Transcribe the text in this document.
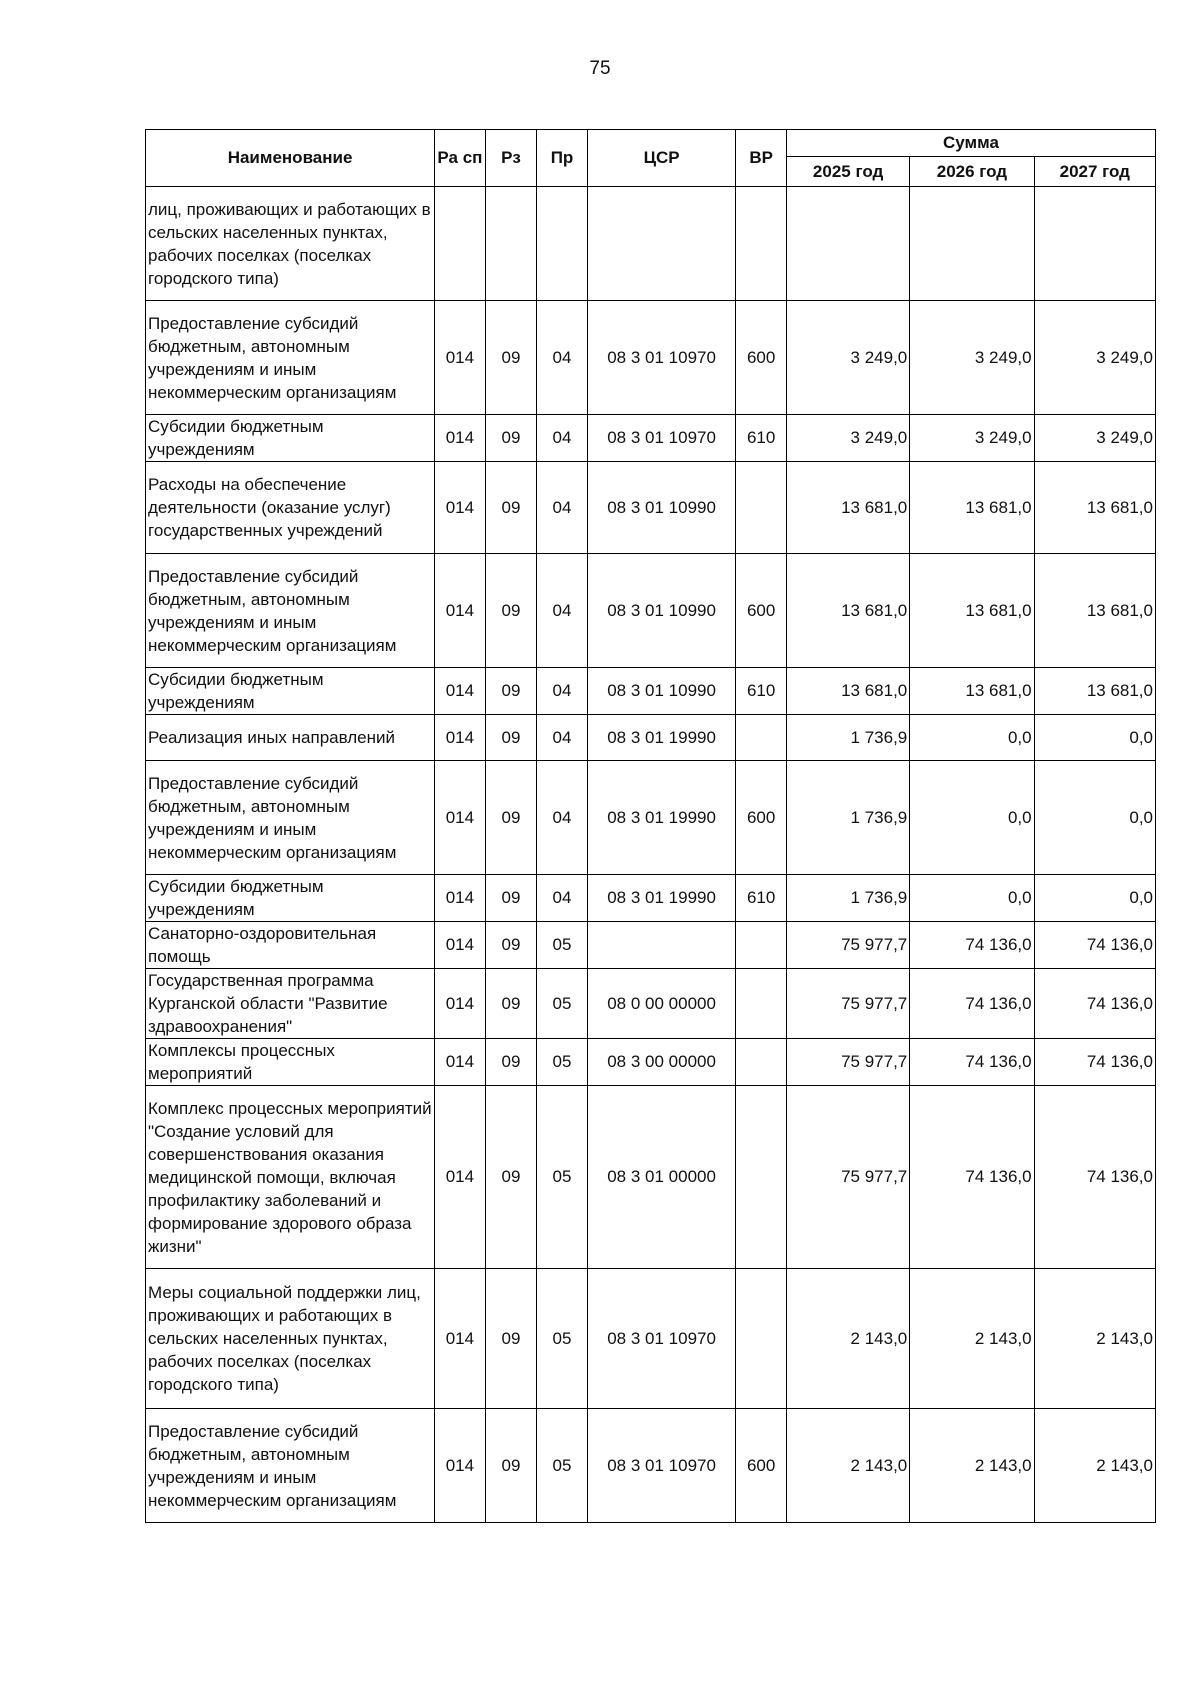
75
Наименование	Ра сп	Рз	Пр	ЦСР	ВР	Сумма		
						2025 год	2026 год	2027 год
лиц, проживающих и работающих в сельских населенных пунктах, рабочих поселках (поселках городского типа)								
Предоставление субсидий бюджетным, автономным учреждениям и иным некоммерческим организациям	014	09	04	08 3 01 10970	600	3 249,0	3 249,0	3 249,0
Субсидии бюджетным учреждениям	014	09	04	08 3 01 10970	610	3 249,0	3 249,0	3 249,0
Расходы на обеспечение деятельности (оказание услуг) государственных учреждений	014	09	04	08 3 01 10990		13 681,0	13 681,0	13 681,0
Предоставление субсидий бюджетным, автономным учреждениям и иным некоммерческим организациям	014	09	04	08 3 01 10990	600	13 681,0	13 681,0	13 681,0
Субсидии бюджетным учреждениям	014	09	04	08 3 01 10990	610	13 681,0	13 681,0	13 681,0
Реализация иных направлений	014	09	04	08 3 01 19990		1 736,9	0,0	0,0
Предоставление субсидий бюджетным, автономным учреждениям и иным некоммерческим организациям	014	09	04	08 3 01 19990	600	1 736,9	0,0	0,0
Субсидии бюджетным учреждениям	014	09	04	08 3 01 19990	610	1 736,9	0,0	0,0
Санаторно-оздоровительная помощь	014	09	05			75 977,7	74 136,0	74 136,0
Государственная программа Курганской области "Развитие здравоохранения"	014	09	05	08 0 00 00000		75 977,7	74 136,0	74 136,0
Комплексы процессных мероприятий	014	09	05	08 3 00 00000		75 977,7	74 136,0	74 136,0
Комплекс процессных мероприятий "Создание условий для совершенствования оказания медицинской помощи, включая профилактику заболеваний и формирование здорового образа жизни"	014	09	05	08 3 01 00000		75 977,7	74 136,0	74 136,0
Меры социальной поддержки лиц, проживающих и работающих в сельских населенных пунктах, рабочих поселках (поселках городского типа)	014	09	05	08 3 01 10970		2 143,0	2 143,0	2 143,0
Предоставление субсидий бюджетным, автономным учреждениям и иным некоммерческим организациям	014	09	05	08 3 01 10970	600	2 143,0	2 143,0	2 143,0
